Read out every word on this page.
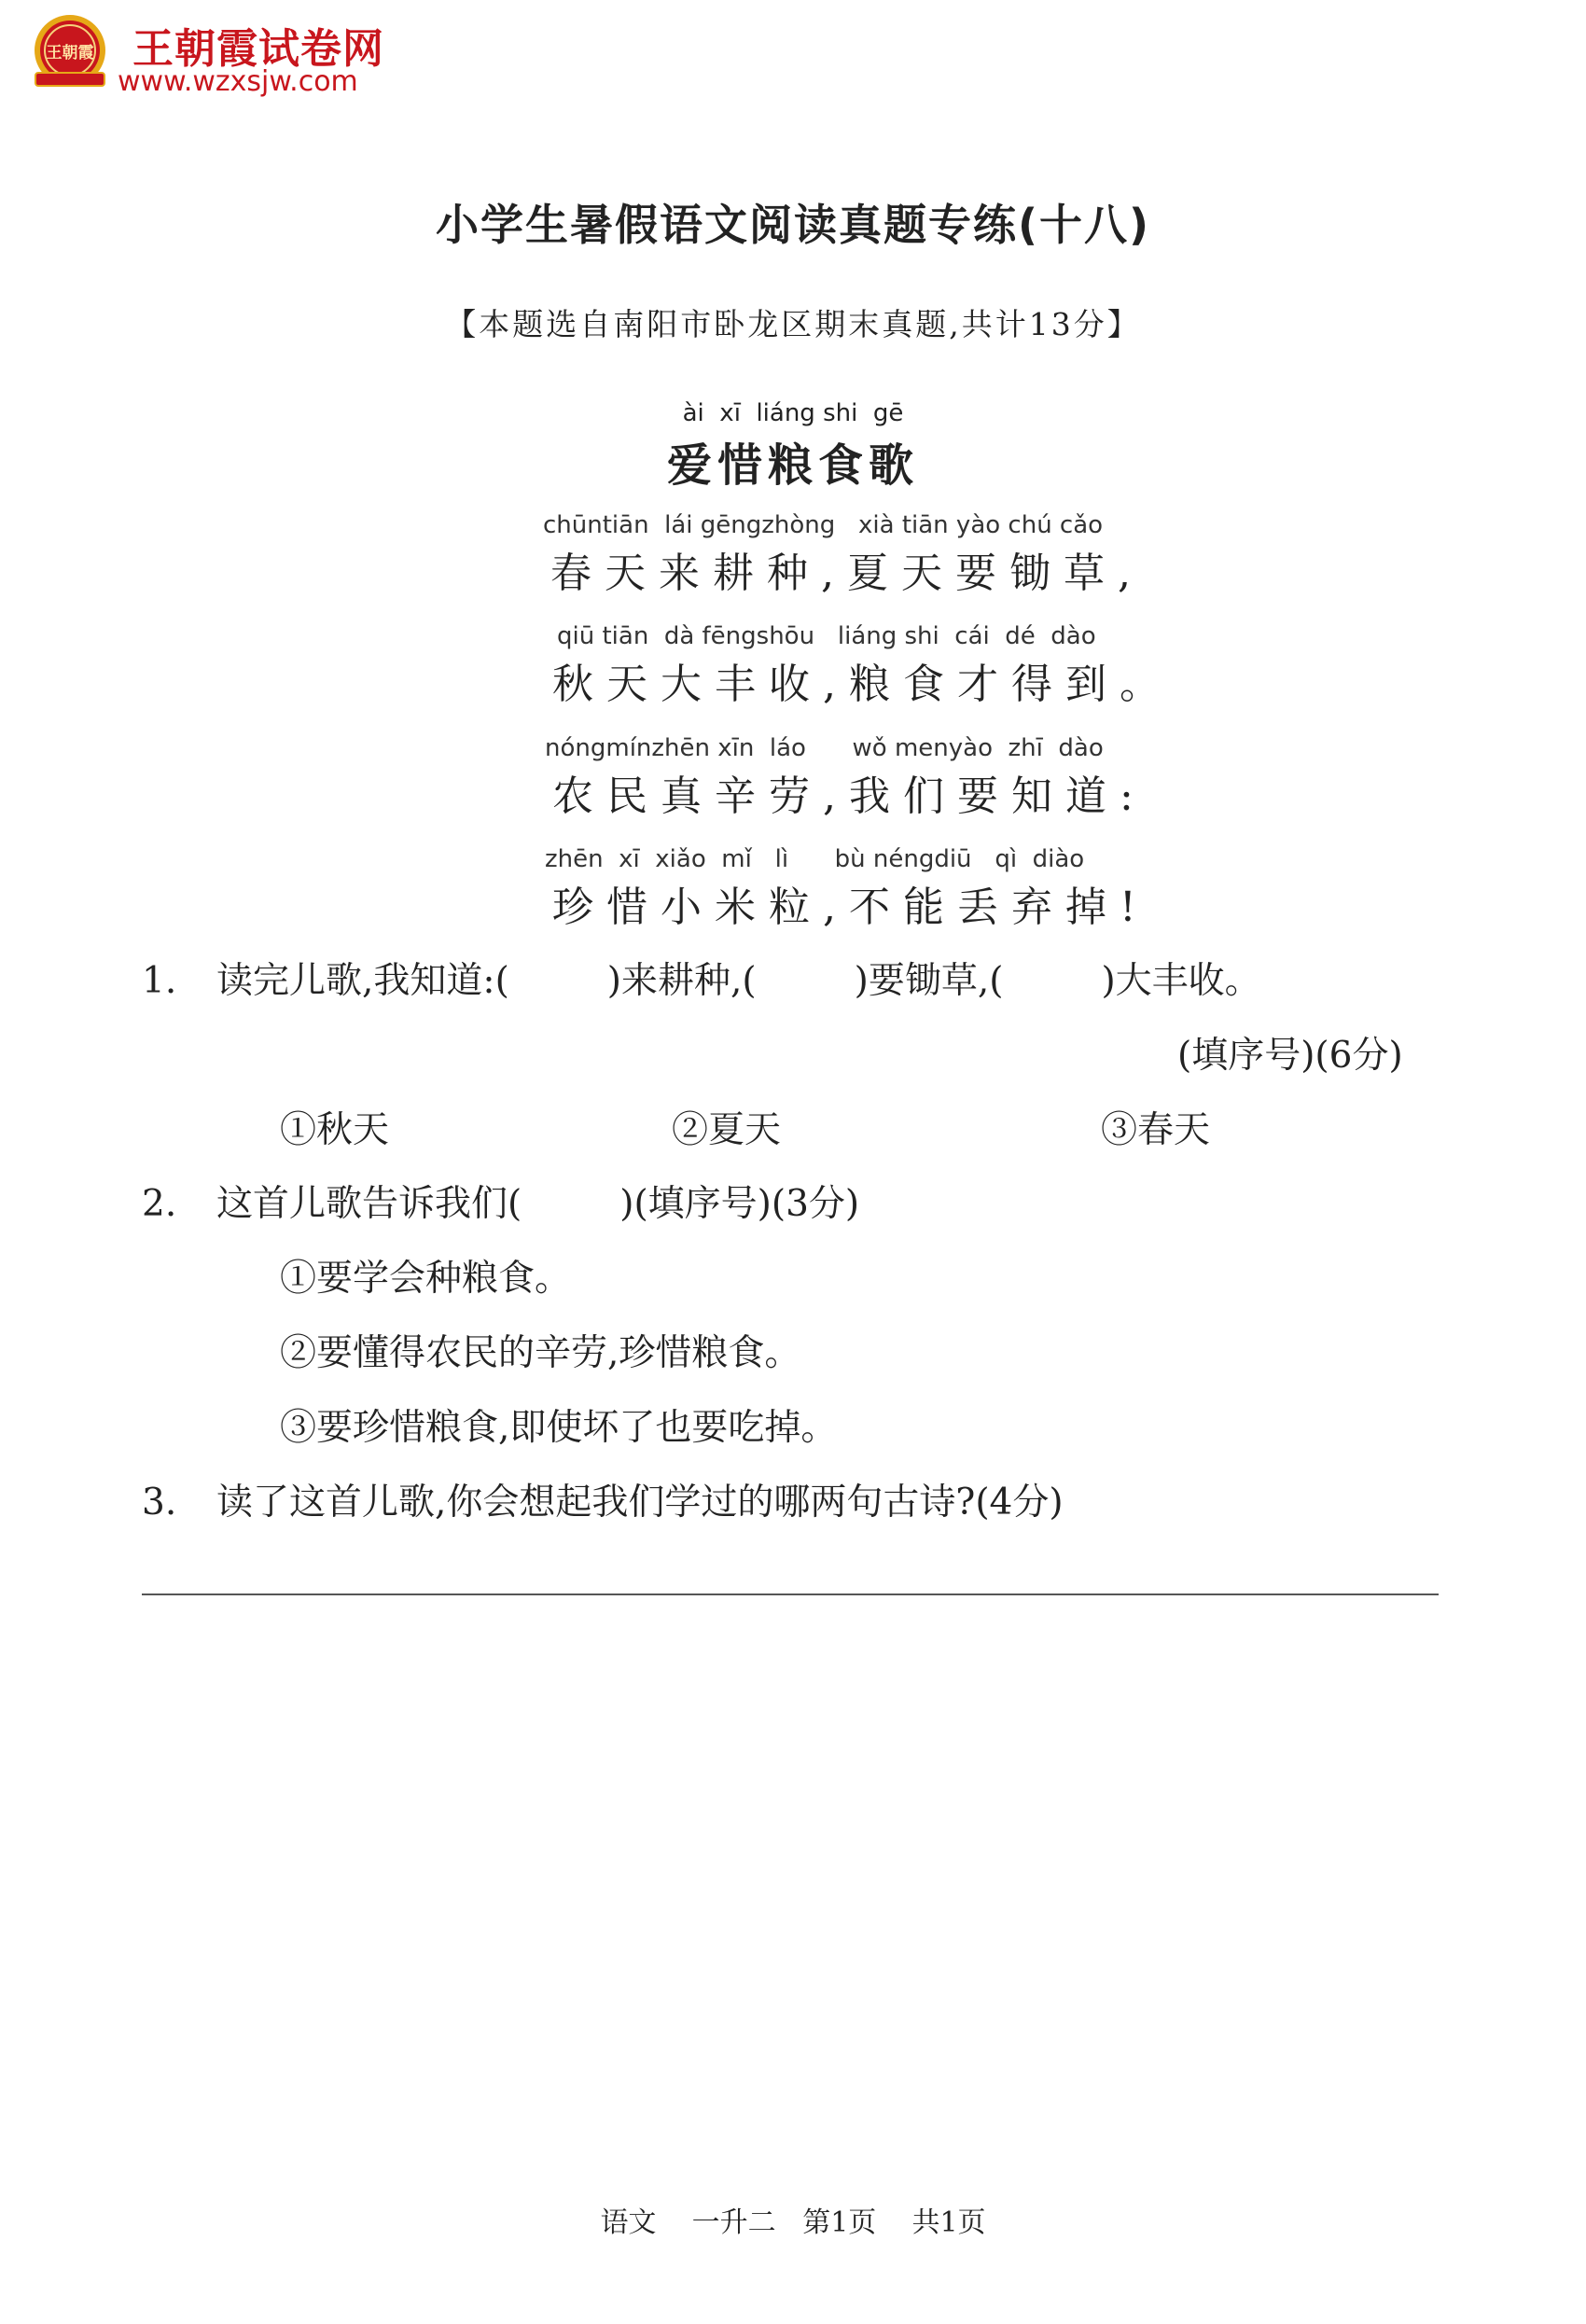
王朝霞 王朝霞试卷网
www.wzxsjw.com
小学生暑假语文阅读真题专练(十八)
【本题选自南阳市卧龙区期末真题,共计13分】
ài  xī  liáng shi  gē
爱惜粮食歌
chūntiān  lái gēngzhòng   xià tiān yào chú cǎo
春天来耕种,夏天要锄草,
qiū tiān  dà fēngshōu   liáng shi  cái  dé  dào
秋天大丰收,粮食才得到。
nóngmínzhēn xīn  láo      wǒ menyào  zhī  dào
农民真辛劳,我们要知道:
zhēn  xī  xiǎo  mǐ   lì      bù néngdiū   qì  diào
珍惜小米粒,不能丢弃掉!
1. 读完儿歌,我知道:(	)来耕种,(	)要锄草,(	)大丰收。
(填序号)(6分)
①秋天	②夏天	③春天
2. 这首儿歌告诉我们(	)(填序号)(3分)
①要学会种粮食。
②要懂得农民的辛劳,珍惜粮食。
③要珍惜粮食,即使坏了也要吃掉。
3. 读了这首儿歌,你会想起我们学过的哪两句古诗?(4分)
语文 一升二 第1页 共1页
